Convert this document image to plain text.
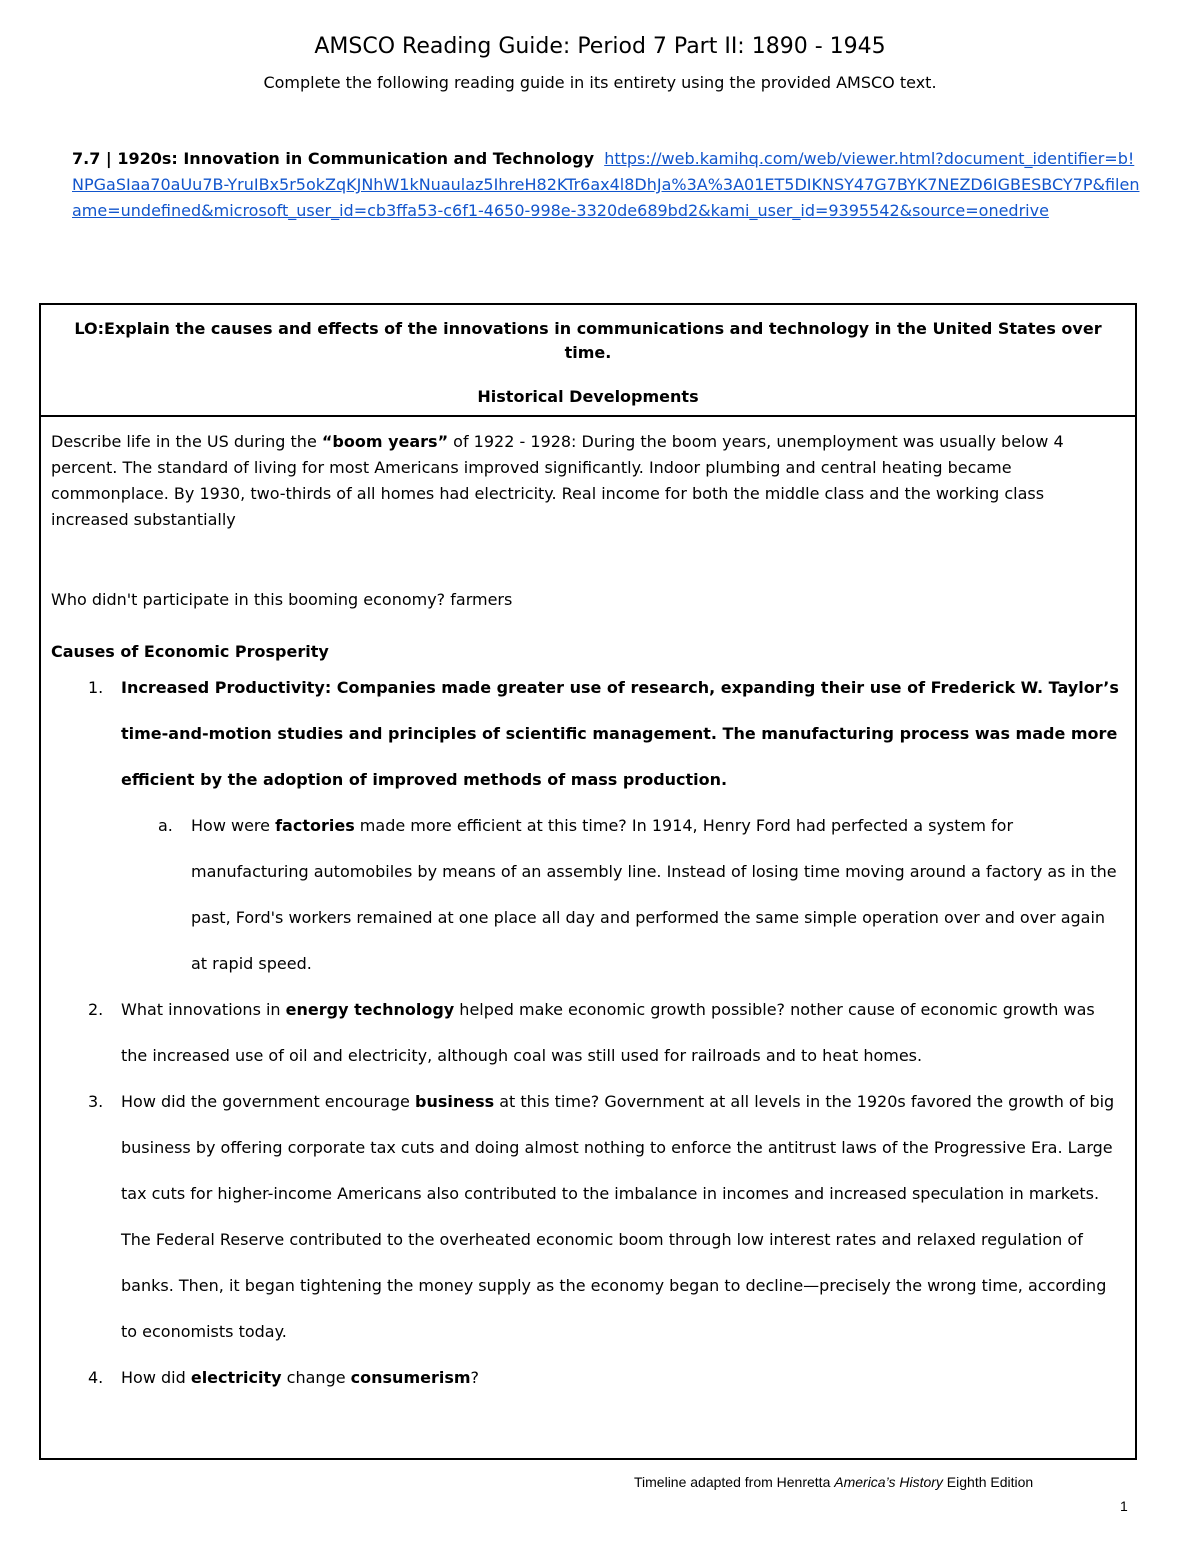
AMSCO Reading Guide: Period 7 Part II: 1890 - 1945
Complete the following reading guide in its entirety using the provided AMSCO text.
7.7 | 1920s: Innovation in Communication and Technology https://web.kamihq.com/web/viewer.html?document_identifier=b!NPGaSIaa70aUu7B-YruIBx5r5okZqKJNhW1kNuaulaz5IhreH82KTr6ax4l8DhJa%3A%3A01ET5DIKNSY47G7BYK7NEZD6IGBESBCY7P&filename=undefined&microsoft_user_id=cb3ffa53-c6f1-4650-998e-3320de689bd2&kami_user_id=9395542&source=onedrive
LO:Explain the causes and effects of the innovations in communications and technology in the United States over time.
Historical Developments

Describe life in the US during the “boom years” of 1922 - 1928: During the boom years, unemployment was usually below 4 percent. The standard of living for most Americans improved significantly. Indoor plumbing and central heating became commonplace. By 1930, two-thirds of all homes had electricity. Real income for both the middle class and the working class increased substantially

Who didn't participate in this booming economy? farmers

Causes of Economic Prosperity

1. Increased Productivity: Companies made greater use of research, expanding their use of Frederick W. Taylor’s time-and-motion studies and principles of scientific management. The manufacturing process was made more efficient by the adoption of improved methods of mass production.
a. How were factories made more efficient at this time? In 1914, Henry Ford had perfected a system for manufacturing automobiles by means of an assembly line. Instead of losing time moving around a factory as in the past, Ford's workers remained at one place all day and performed the same simple operation over and over again at rapid speed.
2. What innovations in energy technology helped make economic growth possible? nother cause of economic growth was the increased use of oil and electricity, although coal was still used for railroads and to heat homes.
3. How did the government encourage business at this time? Government at all levels in the 1920s favored the growth of big business by offering corporate tax cuts and doing almost nothing to enforce the antitrust laws of the Progressive Era. Large tax cuts for higher-income Americans also contributed to the imbalance in incomes and increased speculation in markets. The Federal Reserve contributed to the overheated economic boom through low interest rates and relaxed regulation of banks. Then, it began tightening the money supply as the economy began to decline—precisely the wrong time, according to economists today.
4. How did electricity change consumerism?
Timeline adapted from Henretta America’s History Eighth Edition
1
